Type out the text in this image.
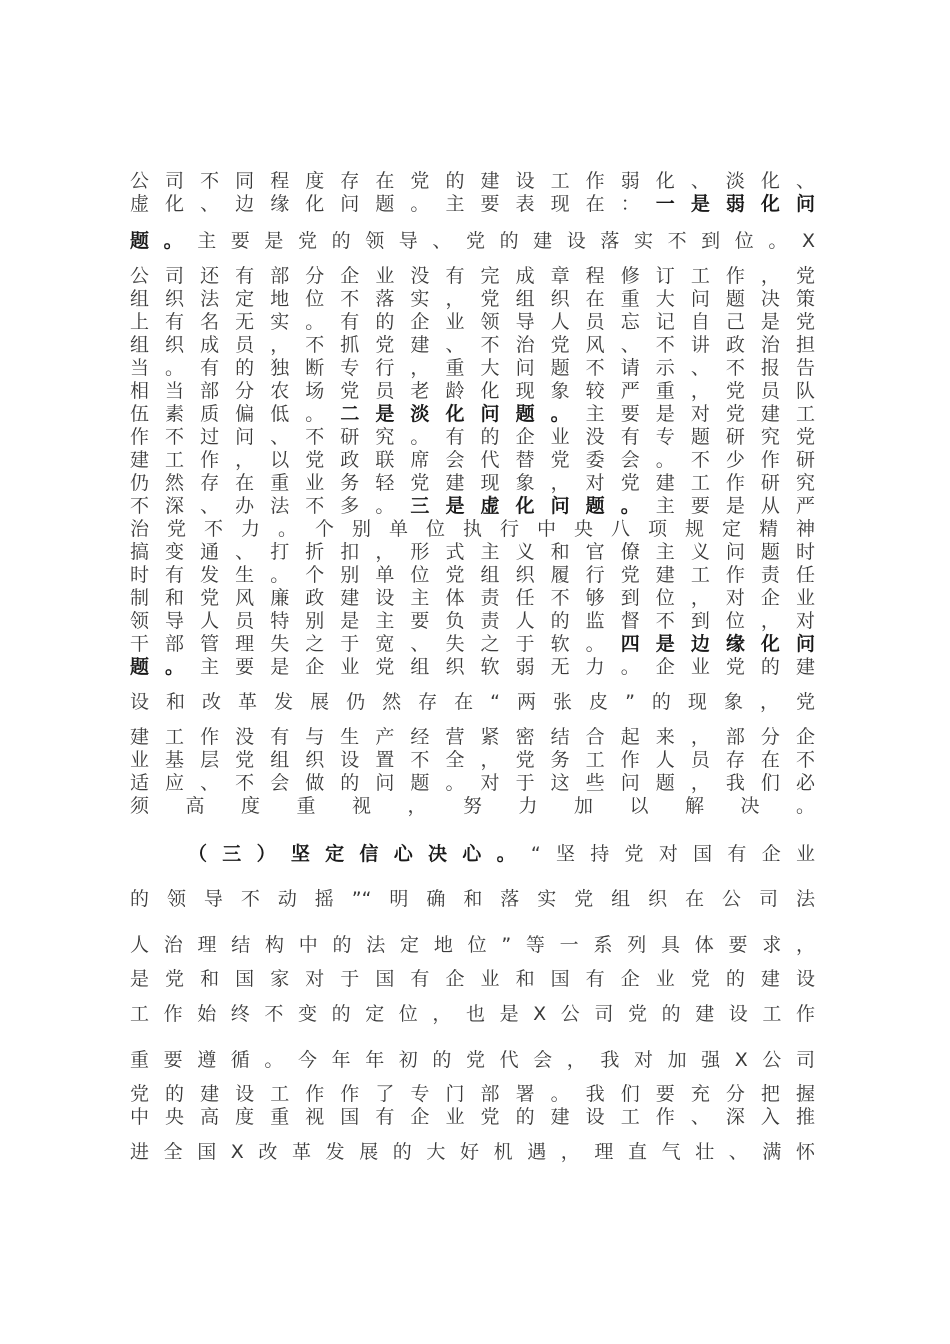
公司不同程度存在党的建设工作弱化、淡化、
虚化、边缘化问题。主要表现在：一是弱化问
题。主要是党的领导、党的建设落实不到位。X
公司还有部分企业没有完成章程修订工作，党
组织法定地位不落实，党组织在重大问题决策
上有名无实。有的企业领导人员忘记自己是党
组织成员，不抓党建、不治党风、不讲政治担
当。有的独断专行，重大问题不请示、不报告
相当部分农场党员老龄化现象较严重，党员队
伍素质偏低。二是淡化问题。主要是对党建工
作不过问、不研究。有的企业没有专题研究党
建工作，以党政联席会代替党委会。不少作研
仍然存在重业务轻党建现象，对党建工作研究
不深、办法不多。三是虚化问题。主要是从严
治党不力。个别单位执行中央八项规定精神
搞变通、打折扣，形式主义和官僚主义问题时
时有发生。个别单位党组织履行党建工作责任
制和党风廉政建设主体责任不够到位，对企业
领导人员特别是主要负责人的监督不到位，对
干部管理失之于宽、失之于软。四是边缘化问
题。主要是企业党组织软弱无力。企业党的建
设和改革发展仍然存在“两张皮”的现象，党
建工作没有与生产经营紧密结合起来，部分企
业基层党组织设置不全，党务工作人员存在不
适应、不会做的问题。对于这些问题，我们必
须高度重视，努力加以解决。
（三）坚定信心决心。“坚持党对国有企业
的领导不动摇”“明确和落实党组织在公司法
人治理结构中的法定地位”等一系列具体要求，
是党和国家对于国有企业和国有企业党的建设
工作始终不变的定位，也是X公司党的建设工作
重要遵循。今年年初的党代会，我对加强X公司
党的建设工作作了专门部署。我们要充分把握
中央高度重视国有企业党的建设工作、深入推
进全国X改革发展的大好机遇，理直气壮、满怀
